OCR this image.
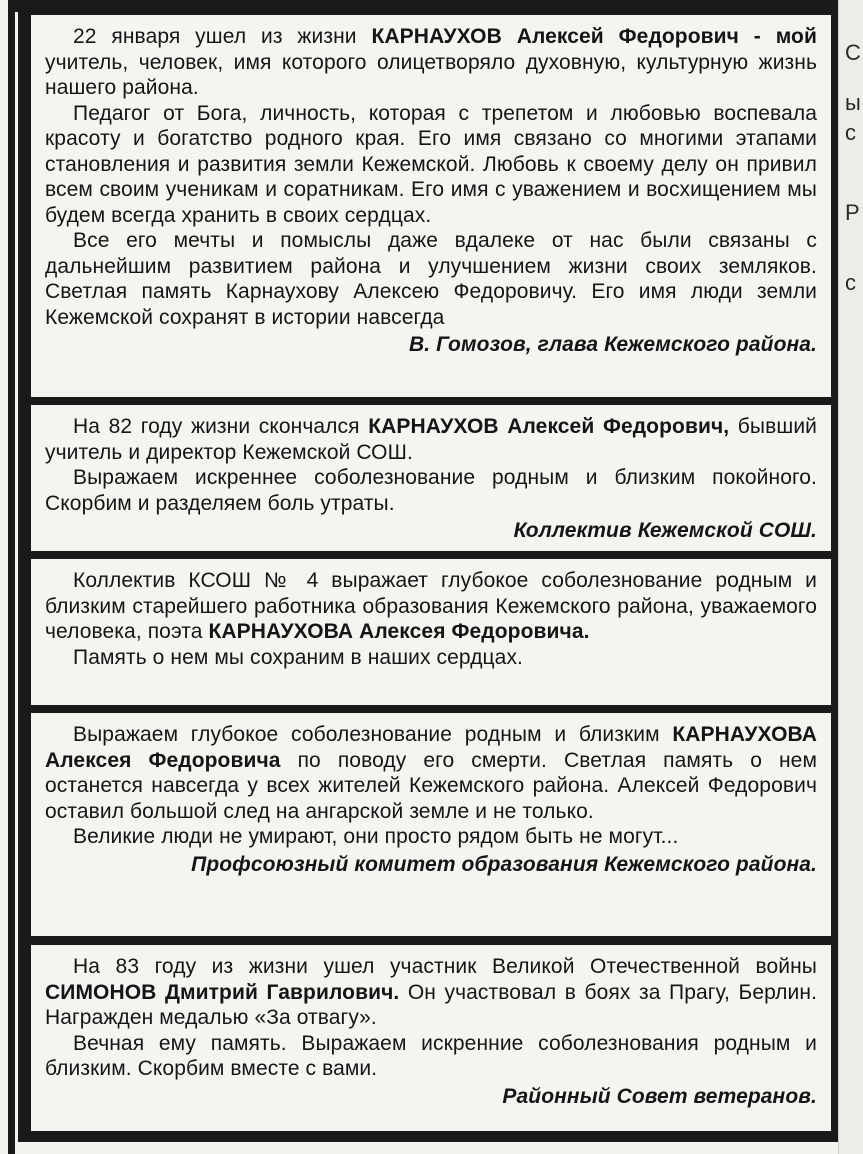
22 января ушел из жизни КАРНАУХОВ Алексей Федорович - мой учитель, человек, имя которого олицетворяло духовную, культурную жизнь нашего района.

Педагог от Бога, личность, которая с трепетом и любовью воспевала красоту и богатство родного края. Его имя связано со многими этапами становления и развития земли Кежемской. Любовь к своему делу он привил всем своим ученикам и соратникам. Его имя с уважением и восхищением мы будем всегда хранить в своих сердцах.

Все его мечты и помыслы даже вдалеке от нас были связаны с дальнейшим развитием района и улучшением жизни своих земляков. Светлая память Карнаухову Алексею Федоровичу. Его имя люди земли Кежемской сохранят в истории навсегда

В. Гомозов, глава Кежемского района.

На 82 году жизни скончался КАРНАУХОВ Алексей Федорович, бывший учитель и директор Кежемской СОШ.

Выражаем искреннее соболезнование родным и близким покойного. Скорбим и разделяем боль утраты.

Коллектив Кежемской СОШ.

Коллектив КСОШ № 4 выражает глубокое соболезнование родным и близким старейшего работника образования Кежемского района, уважаемого человека, поэта КАРНАУХОВА Алексея Федоровича.

Память о нем мы сохраним в наших сердцах.

Выражаем глубокое соболезнование родным и близким КАРНАУХОВА Алексея Федоровича по поводу его смерти. Светлая память о нем останется навсегда у всех жителей Кежемского района. Алексей Федорович оставил большой след на ангарской земле и не только.

Великие люди не умирают, они просто рядом быть не могут...

Профсоюзный комитет образования Кежемского района.

На 83 году из жизни ушел участник Великой Отечественной войны СИМОНОВ Дмитрий Гаврилович. Он участвовал в боях за Прагу, Берлин. Награжден медалью «За отвагу».

Вечная ему память. Выражаем искренние соболезнования родным и близким. Скорбим вместе с вами.

Районный Совет ветеранов.

С
ы
с
Р
с
